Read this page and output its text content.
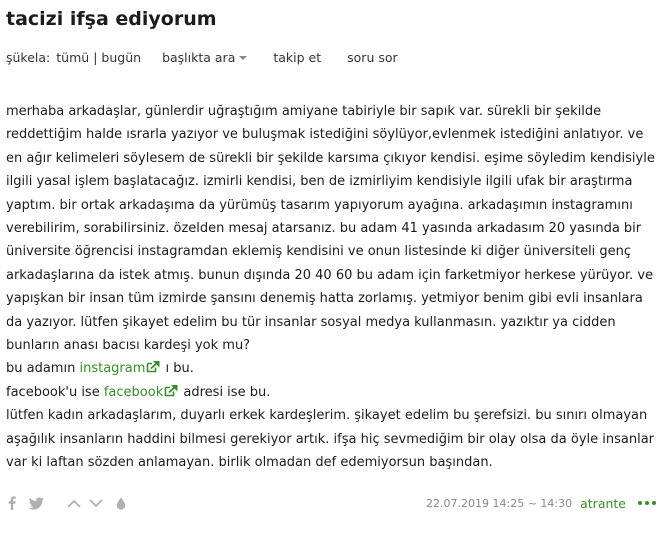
tacizi ifşa ediyorum
şükela: tümü | bugün başlıkta ara	takip et soru sor

merhaba arkadaşlar, günlerdir uğraştığım amiyane tabiriyle bir sapık var. sürekli bir şekilde reddettiğim halde ısrarla yazıyor ve buluşmak istediğini söylüyor,evlenmek istediğini anlatıyor. ve en ağır kelimeleri söylesem de sürekli bir şekilde karsıma çıkıyor kendisi. eşime söyledim kendisiyle ilgili yasal işlem başlatacağız. izmirli kendisi, ben de izmirliyim kendisiyle ilgili ufak bir araştırma yaptım. bir ortak arkadaşıma da yürümüş tasarım yapıyorum ayağına. arkadaşımın instagramını verebilirim, sorabilirsiniz. özelden mesaj atarsanız. bu adam 41 yasında arkadasım 20 yasında bir üniversite öğrencisi instagramdan eklemiş kendisini ve onun listesinde ki diğer üniversiteli genç arkadaşlarına da istek atmış. bunun dışında 20 40 60 bu adam için farketmiyor herkese yürüyor. ve yapışkan bir insan tüm izmirde şansını denemiş hatta zorlamış. yetmiyor benim gibi evli insanlara da yazıyor. lütfen şikayet edelim bu tür insanlar sosyal medya kullanmasın. yazıktır ya cidden bunların anası bacısı kardeşi yok mu?

bu adamın instagram ı bu.

facebook'u ise facebook adresi ise bu.

lütfen kadın arkadaşlarım, duyarlı erkek kardeşlerim. şikayet edelim bu şerefsizi. bu sınırı olmayan aşağılık insanların haddini bilmesi gerekiyor artık. ifşa hiç sevmediğim bir olay olsa da öyle insanlar var ki laftan sözden anlamayan. birlik olmadan def edemiyorsun başından.

22.07.2019 14:25 ~ 14:30 atrante
